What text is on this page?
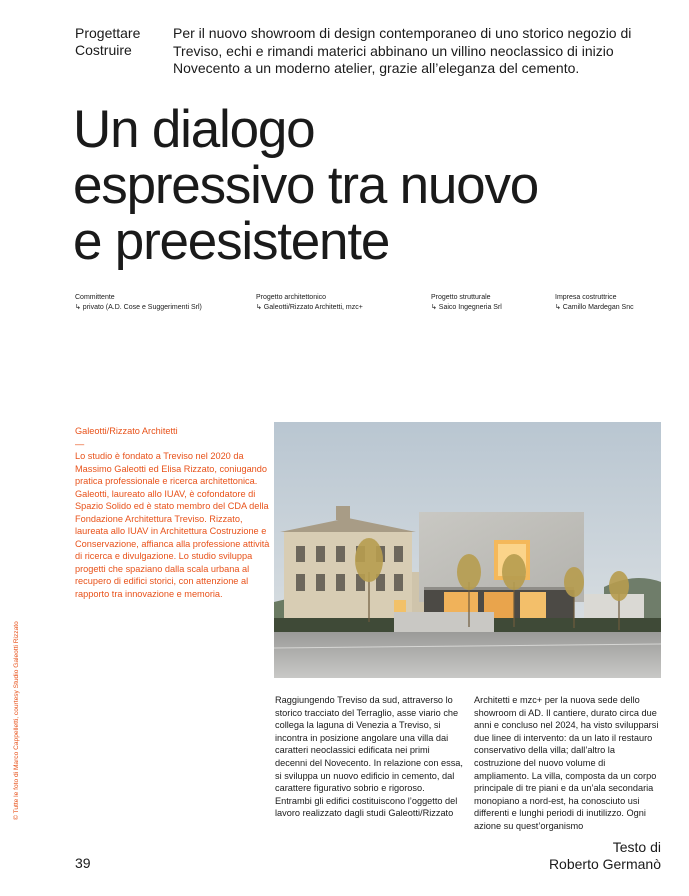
Progettare
Costruire
Per il nuovo showroom di design contemporaneo di uno storico negozio di Treviso, echi e rimandi materici abbinano un villino neoclassico di inizio Novecento a un moderno atelier, grazie all’eleganza del cemento.
Un dialogo
espressivo tra nuovo
e preesistente
Committente
↳ privato (A.D. Cose e Suggerimenti Srl)
Progetto architettonico
↳ Galeotti/Rizzato Architetti, mzc+
Progetto strutturale
↳ Saico Ingegneria Srl
Impresa costruttrice
↳ Camillo Mardegan Snc
Galeotti/Rizzato Architetti
—
Lo studio è fondato a Treviso nel 2020 da Massimo Galeotti ed Elisa Rizzato, coniugando pratica professionale e ricerca architettonica. Galeotti, laureato allo IUAV, è cofondatore di Spazio Solido ed è stato membro del CDA della Fondazione Architettura Treviso. Rizzato, laureata allo IUAV in Architettura Costruzione e Conservazione, affianca alla professione attività di ricerca e divulgazione. Lo studio sviluppa progetti che spaziano dalla scala urbana al recupero di edifici storici, con attenzione al rapporto tra innovazione e memoria.
© Tutte le foto di Marco Cappelletti, courtesy Studio Galeotti Rizzato	Raggiungendo Treviso da sud, attraverso lo storico tracciato del Terraglio, asse viario che collega la laguna di Venezia a Treviso, si incontra in posizione angolare una villa dai caratteri neoclassici edificata nei primi decenni del Novecento. In relazione con essa, si sviluppa un nuovo edificio in cemento, dal carattere figurativo sobrio e rigoroso. Entrambi gli edifici costituiscono l’oggetto del lavoro realizzato dagli studi Galeotti/Rizzato
Architetti e mzc+ per la nuova sede dello showroom di AD. Il cantiere, durato circa due anni e concluso nel 2024, ha visto svilupparsi due linee di intervento: da un lato il restauro conservativo della villa; dall’altro la costruzione del nuovo volume di ampliamento. La villa, composta da un corpo principale di tre piani e da un’ala secondaria monopiano a nord-est, ha conosciuto usi differenti e lunghi periodi di inutilizzo. Ogni azione su quest’organismo
39
Testo di
Roberto Germanò
